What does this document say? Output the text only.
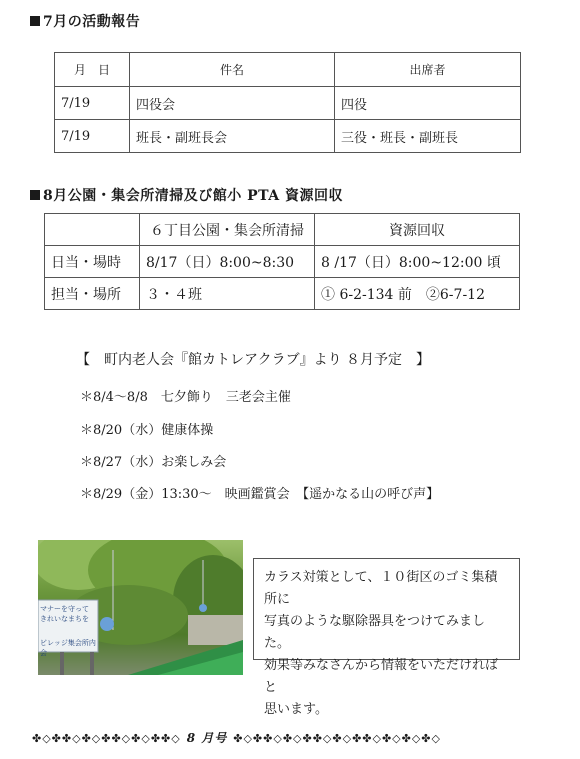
7月の活動報告
月　日	件名	出席者
7/19	四役会	四役
7/19	班長・副班長会	三役・班長・副班長
8月公園・集会所清掃及び館小 PTA 資源回収
	６丁目公園・集会所清掃	資源回収
日当・場時	8/17（日）8:00~8:30	8 /17（日）8:00~12:00 頃
担当・場所	３・４班	① 6-2-134 前　②6-7-12
【　町内老人会『館カトレアクラブ』より ８月予定　】
＊8/4～8/8　七夕飾り　三老会主催
＊8/20（水）健康体操
＊8/27（水）お楽しみ会
＊8/29（金）13:30～　映画鑑賞会　【遥かなる山の呼び声】
マナーを守って
きれいなまちを
ビレッジ集会所内会
カラス対策として、１０街区のゴミ集積所に
写真のような駆除器具をつけてみました。
効果等みなさんから情報をいただければと
思います。
✤◇✤✤◇✤◇✤✤◇✤◇✤✤◇ 8 月号 ✤◇✤✤◇✤◇✤✤◇✤◇✤✤◇✤◇✤◇✤◇
